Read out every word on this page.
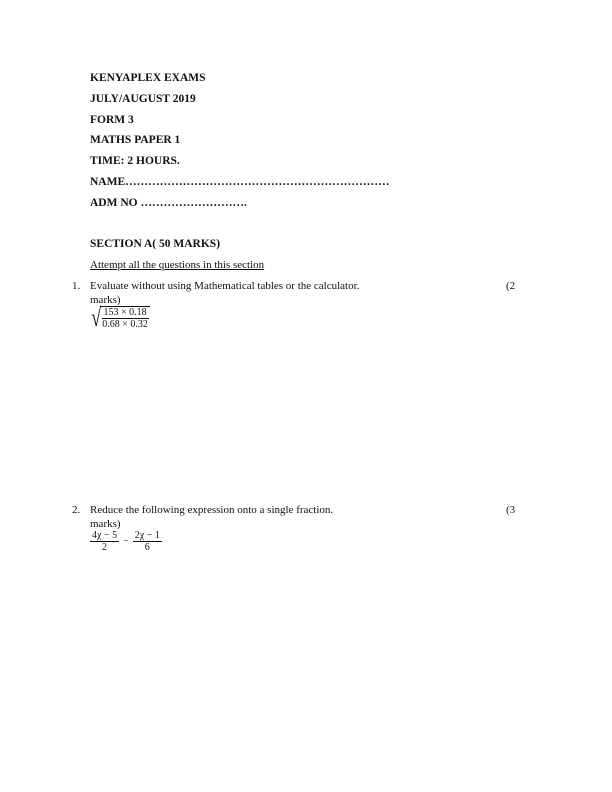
KENYAPLEX EXAMS
JULY/AUGUST 2019
FORM 3
MATHS PAPER 1
TIME: 2 HOURS.
NAME……………………………………………………………
ADM NO ……………………….
SECTION A( 50 MARKS)
Attempt all the questions in this section
1. Evaluate without using Mathematical tables or the calculator.	(2
marks)
√ $\frac{153 \times 0.18}{0.68 \times 0.32}$
2. Reduce the following expression onto a single fraction.	(3
marks)
$\frac{4\chi - 5}{2} - \frac{2\chi - 1}{6}$
